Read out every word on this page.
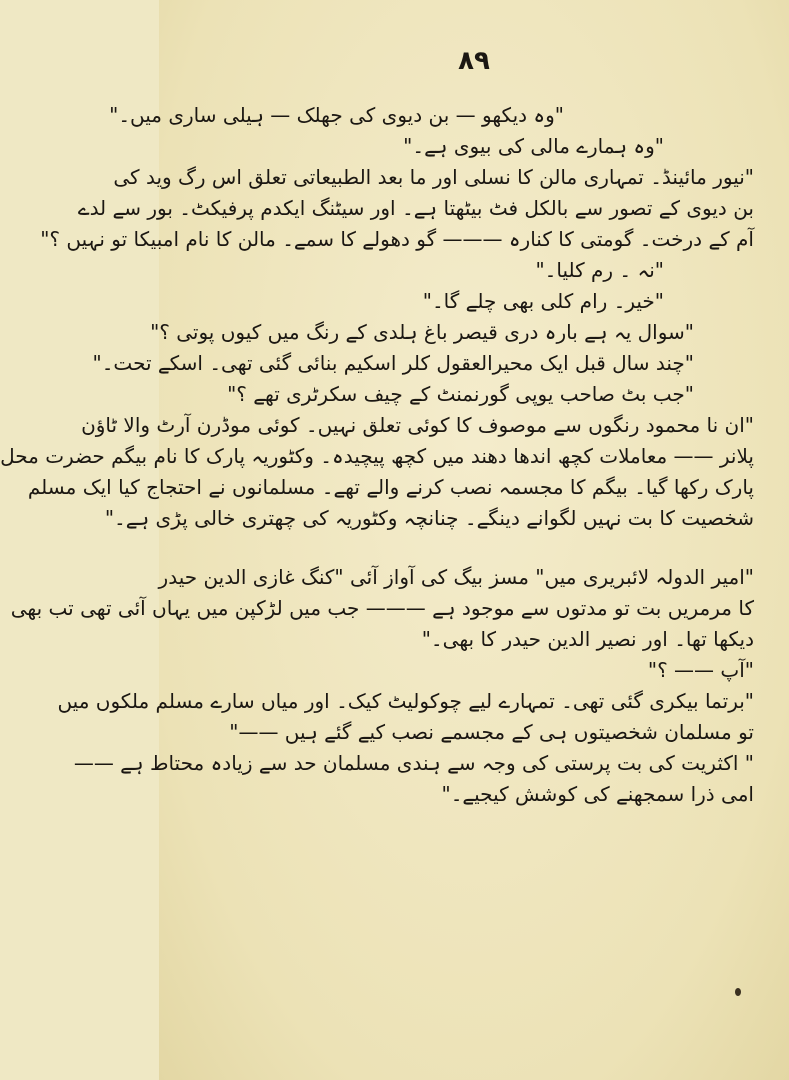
۸۹
"وہ دیکھو — بن دیوی کی جھلک — ہیلی ساری میں۔"
"وہ ہمارے مالی کی بیوی ہے۔"
"نیور مائینڈ۔ تمہاری مالن کا نسلی اور ما بعد الطبیعاتی تعلق اس رگ وید کی
بن دیوی کے تصور سے بالکل فٹ بیٹھتا ہے۔ اور سیٹنگ ایکدم پرفیکٹ۔ بور سے لدے
آم کے درخت۔ گومتی کا کنارہ ——— گو دھولے کا سمے۔ مالن کا نام امبیکا تو نہیں ؟"
"نہ ۔ رم کلیا۔"
"خیر۔ رام کلی بھی چلے گا۔"
"سوال یہ ہے بارہ دری قیصر باغ ہلدی کے رنگ میں کیوں پوتی ؟"
"چند سال قبل ایک محیرالعقول کلر اسکیم بنائی گئی تھی۔ اسکے تحت۔"
"جب بٹ صاحب یوپی گورنمنٹ کے چیف سکرٹری تھے ؟"
"ان نا محمود رنگوں سے موصوف کا کوئی تعلق نہیں۔ کوئی موڈرن آرٹ والا ٹاؤن
پلانر —— معاملات کچھ اندھا دھند میں کچھ پیچیدہ۔ وکٹوریہ پارک کا نام بیگم حضرت محل
پارک رکھا گیا۔ بیگم کا مجسمہ نصب کرنے والے تھے۔ مسلمانوں نے احتجاج کیا ایک مسلم
شخصیت کا بت نہیں لگوانے دینگے۔ چنانچہ وکٹوریہ کی چھتری خالی پڑی ہے۔"
"امیر الدولہ لائبریری میں" مسز بیگ کی آواز آئی "کنگ غازی الدین حیدر
کا مرمریں بت تو مدتوں سے موجود ہے ——— جب میں لڑکپن میں یہاں آئی تھی تب بھی
دیکھا تھا۔ اور نصیر الدین حیدر کا بھی۔"
"آپ —— ؟"
"برتما بیکری گئی تھی۔ تمہارے لیے چوکولیٹ کیک۔ اور میاں سارے مسلم ملکوں میں
تو مسلمان شخصیتوں ہی کے مجسمے نصب کیے گئے ہیں ——"
" اکثریت کی بت پرستی کی وجہ سے ہندی مسلمان حد سے زیادہ محتاط ہے ——
امی ذرا سمجھنے کی کوشش کیجیے۔"
